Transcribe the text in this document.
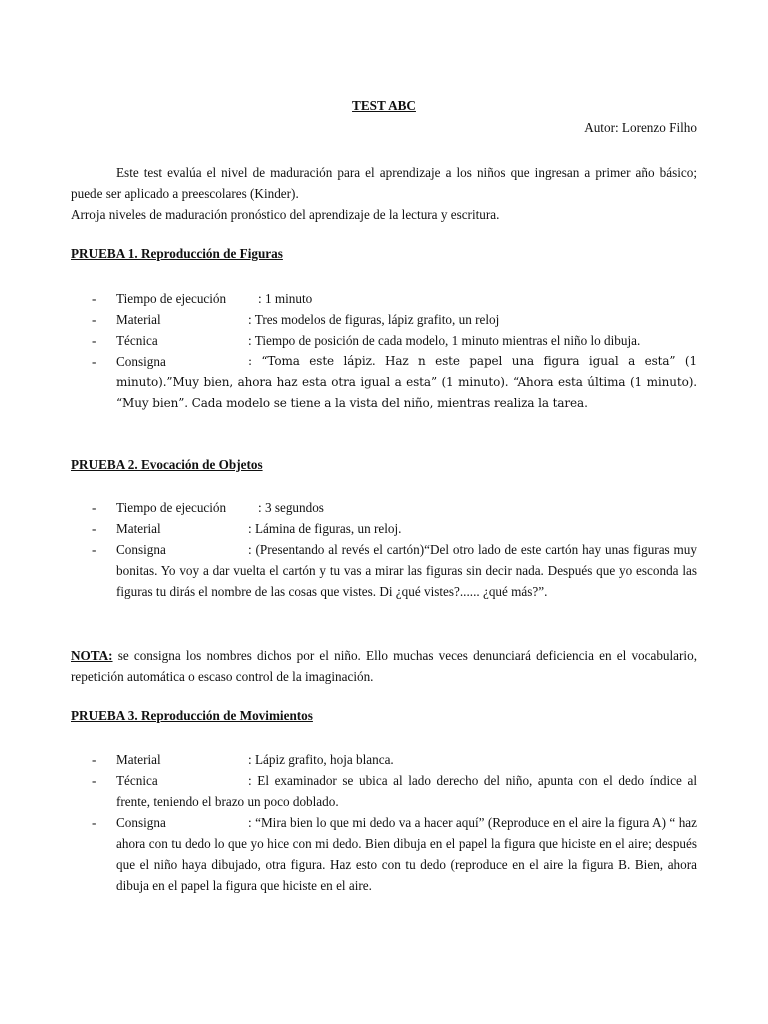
TEST ABC
Autor: Lorenzo Filho
Este test evalúa el nivel de maduración para el aprendizaje a los niños que ingresan a primer año básico; puede ser aplicado a preescolares (Kinder).
Arroja niveles de maduración pronóstico del aprendizaje de la lectura y escritura.
PRUEBA 1. Reproducción de Figuras
- Tiempo de ejecución	: 1 minuto
- Material	: Tres modelos de figuras, lápiz grafito, un reloj
- Técnica	: Tiempo de posición de cada modelo, 1 minuto mientras el niño lo dibuja.
- Consigna	: “Toma este lápiz. Haz n este papel una figura igual a esta” (1 minuto).”Muy bien, ahora haz esta otra igual a esta” (1 minuto). “Ahora esta última (1 minuto). “Muy bien”. Cada modelo se tiene a la vista del niño, mientras realiza la tarea.
PRUEBA 2. Evocación de Objetos
- Tiempo de ejecución	: 3 segundos
- Material	: Lámina de figuras, un reloj.
- Consigna	: (Presentando al revés el cartón)“Del otro lado de este cartón hay unas figuras muy bonitas. Yo voy a dar vuelta el cartón y tu vas a mirar las figuras sin decir nada. Después que yo esconda las figuras tu dirás el nombre de las cosas que vistes. Di ¿qué vistes?...... ¿qué más?”.
NOTA: se consigna los nombres dichos por el niño. Ello muchas veces denunciará deficiencia en el vocabulario, repetición automática o escaso control de la imaginación.
PRUEBA 3. Reproducción de Movimientos
- Material	: Lápiz grafito, hoja blanca.
- Técnica	: El examinador se ubica al lado derecho del niño, apunta con el dedo índice al frente, teniendo el brazo un poco doblado.
- Consigna	: “Mira bien lo que mi dedo va a hacer aquí” (Reproduce en el aire la figura A) “ haz ahora con tu dedo lo que yo hice con mi dedo. Bien dibuja en el papel la figura que hiciste en el aire; después que el niño haya dibujado, otra figura. Haz esto con tu dedo (reproduce en el aire la figura B. Bien, ahora dibuja en el papel la figura que hiciste en el aire.
